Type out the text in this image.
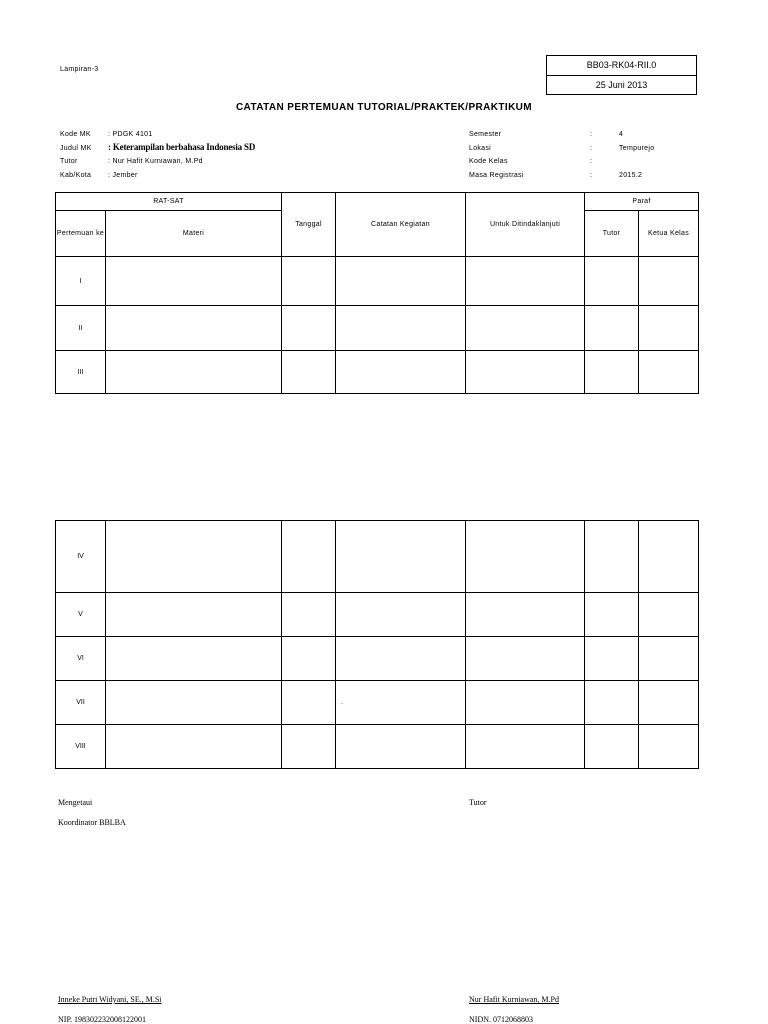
Lampiran-3	BB03-RK04-RII.0
25 Juni 2013
CATATAN PERTEMUAN TUTORIAL/PRAKTEK/PRAKTIKUM
Kode MK : PDGK 4101
Judul MK : Keterampilan berbahasa Indonesia SD
Tutor	: Nur Hafit Kurniawan, M.Pd
Kab/Kota : Jember
Semester	:	4
Lokasi	:	Tempurejo
Kode Kelas	:
Masa Registrasi	:	2015.2
RAT-SAT		Tanggal	Catatan Kegiatan	Untuk Ditindaklanjuti	Paraf	
Pertemuan ke	Materi				Tutor	Ketua Kelas
I						
II						
III						
IV						
V						
VI						
VII			.			
VIII						
Mengetaui
Koordinator BBLBA
Tutor
Inneke Putri Widyani, SE., M.Si
NIP. 198302232008122001
Nur Hafit Kurniawan, M.Pd
NIDN. 0712068803
